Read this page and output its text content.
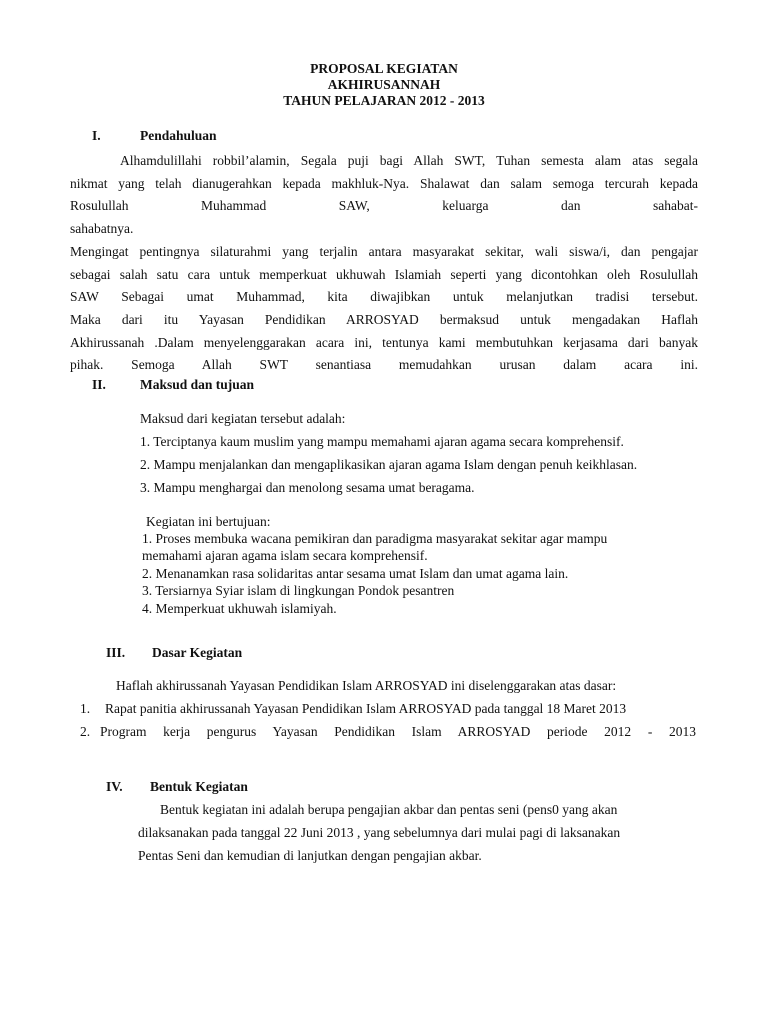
PROPOSAL KEGIATAN
AKHIRUSANNAH
TAHUN PELAJARAN 2012 - 2013
I.	Pendahuluan

Alhamdulillahi robbil’alamin, Segala puji bagi Allah SWT, Tuhan semesta alam atas segala

nikmat yang telah dianugerahkan kepada makhluk-Nya. Shalawat dan salam semoga tercurah kepada

Rosulullah Muhammad SAW, keluarga dan sahabat-sahabatnya.

Mengingat pentingnya silaturahmi yang terjalin antara masyarakat sekitar, wali siswa/i, dan pengajar

sebagai salah satu cara untuk memperkuat ukhuwah Islamiah seperti yang dicontohkan oleh Rosulullah

SAW Sebagai umat Muhammad, kita diwajibkan untuk melanjutkan tradisi tersebut.

Maka dari itu Yayasan Pendidikan ARROSYAD bermaksud untuk mengadakan Haflah

Akhirussanah .Dalam menyelenggarakan acara ini, tentunya kami membutuhkan kerjasama dari banyak

pihak. Semoga Allah SWT senantiasa memudahkan urusan dalam acara ini.

II.	Maksud dan tujuan
Maksud dari kegiatan tersebut adalah:
1. Terciptanya kaum muslim yang mampu memahami ajaran agama secara komprehensif.
2. Mampu menjalankan dan mengaplikasikan ajaran agama Islam dengan penuh keikhlasan.
3. Mampu menghargai dan menolong sesama umat beragama.
Kegiatan ini bertujuan:
1. Proses membuka wacana pemikiran dan paradigma masyarakat sekitar agar mampu
memahami ajaran agama islam secara komprehensif.
2. Menanamkan rasa solidaritas antar sesama umat Islam dan umat agama lain.
3. Tersiarnya Syiar islam di lingkungan Pondok pesantren
4. Memperkuat ukhuwah islamiyah.
III. Dasar Kegiatan
Haflah akhirussanah Yayasan Pendidikan Islam ARROSYAD ini diselenggarakan atas dasar:
1. Rapat panitia akhirussanah Yayasan Pendidikan Islam ARROSYAD pada tanggal 18 Maret 2013
2. Program kerja pengurus Yayasan Pendidikan Islam ARROSYAD periode 2012 - 2013
IV. Bentuk Kegiatan
Bentuk kegiatan ini adalah berupa pengajian akbar dan pentas seni (pens0 yang akan
dilaksanakan pada tanggal 22 Juni 2013 , yang sebelumnya dari mulai pagi di laksanakan
Pentas Seni dan kemudian di lanjutkan dengan pengajian akbar.
